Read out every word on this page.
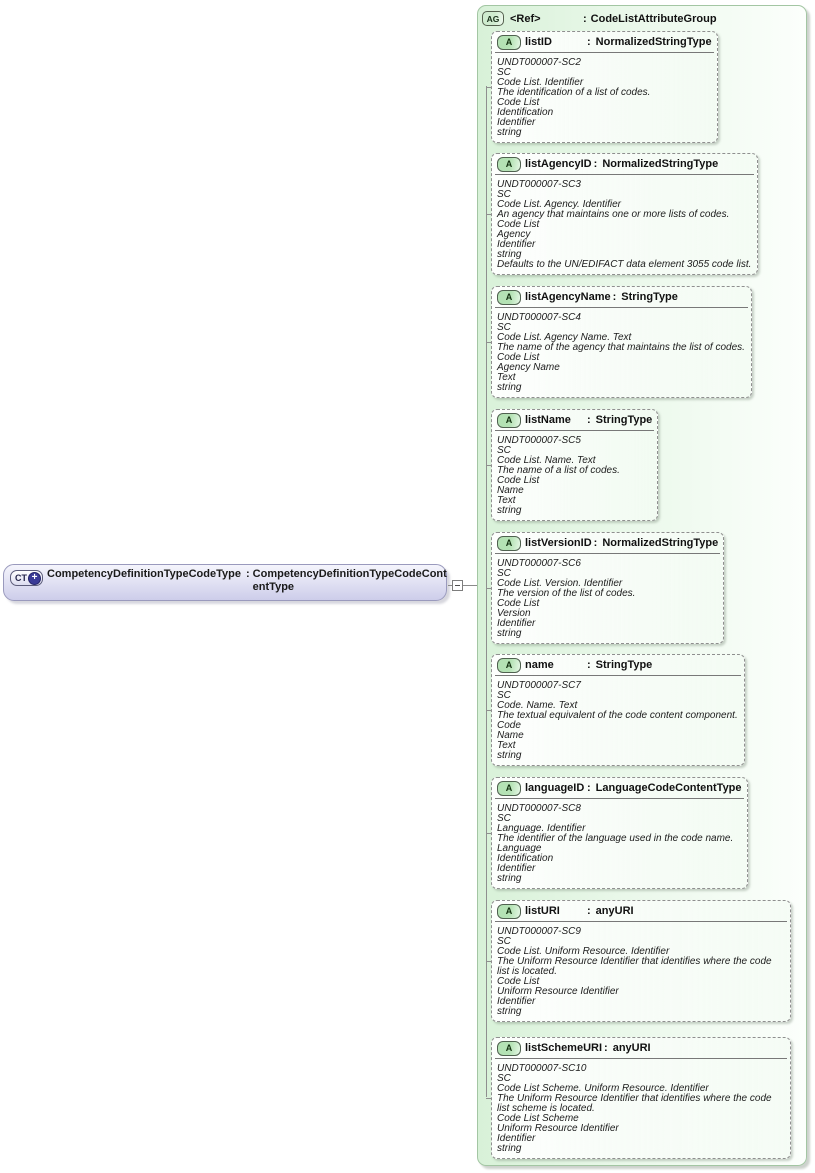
CT + CompetencyDefinitionTypeCodeType : CompetencyDefinitionTypeCodeContentType
AG <Ref>	: CodeListAttributeGroup
A	listID	: NormalizedStringType
UNDT000007-SC2
SC
Code List. Identifier
The identification of a list of codes.
Code List
Identification
Identifier
string
A	listAgencyID : NormalizedStringType
UNDT000007-SC3
SC
Code List. Agency. Identifier
An agency that maintains one or more lists of codes.
Code List
Agency
Identifier
string
Defaults to the UN/EDIFACT data element 3055 code list.
A	listAgencyName : StringType
UNDT000007-SC4
SC
Code List. Agency Name. Text
The name of the agency that maintains the list of codes.
Code List
Agency Name
Text
string
A	listName	: StringType
UNDT000007-SC5
SC
Code List. Name. Text
The name of a list of codes.
Code List
Name
Text
string
A	listVersionID : NormalizedStringType
UNDT000007-SC6
SC
Code List. Version. Identifier
The version of the list of codes.
Code List
Version
Identifier
string
A	name	: StringType
UNDT000007-SC7
SC
Code. Name. Text
The textual equivalent of the code content component.
Code
Name
Text
string
A	languageID : LanguageCodeContentType
UNDT000007-SC8
SC
Language. Identifier
The identifier of the language used in the code name.
Language
Identification
Identifier
string
A	listURI	: anyURI
UNDT000007-SC9
SC
Code List. Uniform Resource. Identifier
The Uniform Resource Identifier that identifies where the code list is located.
Code List
Uniform Resource Identifier
Identifier
string
A	listSchemeURI : anyURI
UNDT000007-SC10
SC
Code List Scheme. Uniform Resource. Identifier
The Uniform Resource Identifier that identifies where the code list scheme is located.
Code List Scheme
Uniform Resource Identifier
Identifier
string
